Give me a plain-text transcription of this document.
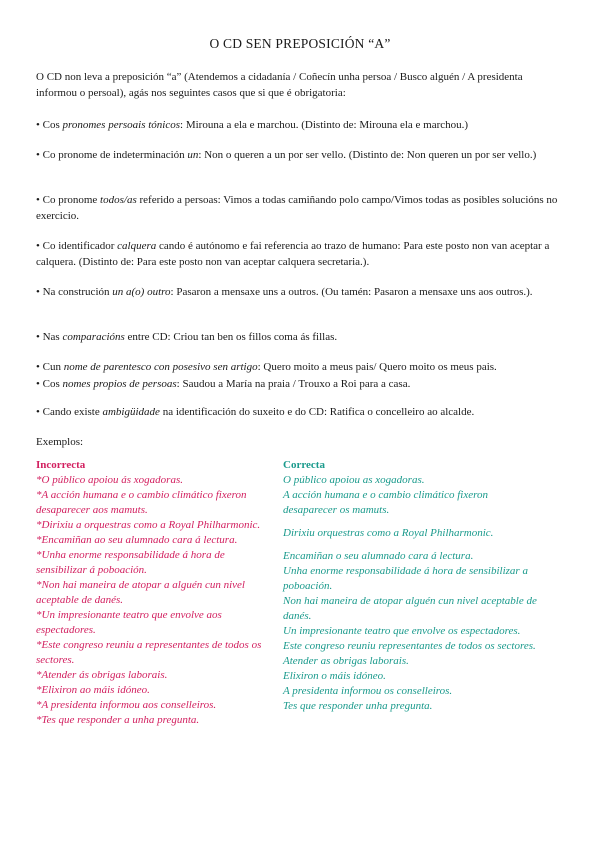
O CD SEN PREPOSICIÓN “A”
O CD non leva a preposición “a” (Atendemos a cidadanía / Coñecín unha persoa / Busco alguén / A presidenta informou o persoal), agás nos seguintes casos que si que é obrigatoria:
• Cos pronomes persoais tónicos: Mirouna a ela e marchou. (Distinto de: Mirouna ela e marchou.)
• Co pronome de indeterminación un: Non o queren a un por ser vello. (Distinto de: Non queren un por ser vello.)
• Co pronome todos/as referido a persoas: Vimos a todas camiñando polo campo/Vimos todas as posibles solucións no exercicio.
• Co identificador calquera cando é autónomo e fai referencia ao trazo de humano: Para este posto non van aceptar a calquera. (Distinto de: Para este posto non van aceptar calquera secretaria.).
• Na construción un a(o) outro: Pasaron a mensaxe uns a outros. (Ou tamén: Pasaron a mensaxe uns aos outros.).
• Nas comparacións entre CD: Criou tan ben os fillos coma ás fillas.
• Cun nome de parentesco con posesivo sen artigo: Quero moito a meus pais/ Quero moito os meus pais.
• Cos nomes propios de persoas: Saudou a María na praia / Trouxo a Roi para a casa.
• Cando existe ambigüidade na identificación do suxeito e do CD: Ratifica o concelleiro ao alcalde.
Exemplos:
Incorrecta
*O público apoiou ás xogadoras.
*A acción humana e o cambio climático fixeron desaparecer aos mamuts.
*Dirixiu a orquestras como a Royal Philharmonic.
*Encamiñan ao seu alumnado cara á lectura.
*Unha enorme responsabilidade á hora de sensibilizar á poboación.
*Non hai maneira de atopar a alguén cun nivel aceptable de danés.
*Un impresionante teatro que envolve aos espectadores.
*Este congreso reuniu a representantes de todos os sectores.
*Atender ás obrigas laborais.
*Elixiron ao máis idóneo.
*A presidenta informou aos conselleiros.
*Tes que responder a unha pregunta.
Correcta
O público apoiou as xogadoras.
A acción humana e o cambio climático fixeron desaparecer os mamuts.
Dirixiu orquestras como a Royal Philharmonic.
Encamiñan o seu alumnado cara á lectura.
Unha enorme responsabilidade á hora de sensibilizar a poboación.
Non hai maneira de atopar alguén cun nivel aceptable de danés.
Un impresionante teatro que envolve os espectadores.
Este congreso reuniu representantes de todos os sectores.
Atender as obrigas laborais.
Elixiron o máis idóneo.
A presidenta informou os conselleiros.
Tes que responder unha pregunta.
